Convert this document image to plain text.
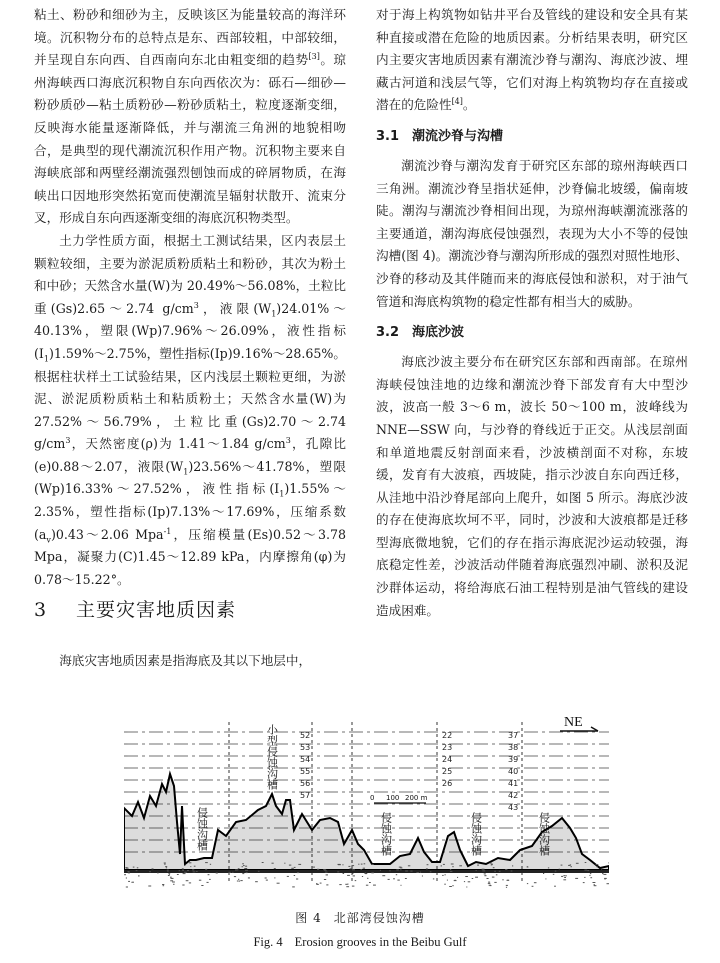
粘土、粉砂和细砂为主，反映该区为能量较高的海洋环境。沉积物分布的总特点是东、西部较粗，中部较细，并呈现自东向西、自西南向东北由粗变细的趋势[3]。琼州海峡西口海底沉积物自东向西依次为：砾石—细砂—粉砂质砂—粘土质粉砂—粉砂质粘土，粒度逐渐变细，反映海水能量逐渐降低，并与潮流三角洲的地貌相吻合，是典型的现代潮流沉积作用产物。沉积物主要来自海峡底部和两壁经潮流强烈刨蚀而成的碎屑物质，在海峡出口因地形突然拓宽而使潮流呈辐射状散开、流束分叉，形成自东向西逐渐变细的海底沉积物类型。

土力学性质方面，根据土工测试结果，区内表层土颗粒较细，主要为淤泥质粉质粘土和粉砂，其次为粉土和中砂；天然含水量(W)为 20.49%～56.08%，土粒比重(Gs)2.65～2.74 $g/cm^3$，液限$(W_1)24.01\%\sim 40.13\%$，塑限(Wp)7.96%～26.09%，液性指标$(I_1)1.59\%\sim 2.75\%$，塑性指标(Ip)9.16%～28.65%。根据柱状样土工试验结果，区内浅层土颗粒更细，为淤泥、淤泥质粉质粘土和粘质粉土；天然含水量(W)为 27.52%～56.79%，土粒比重(Gs)2.70～2.74 $g/cm^3$，天然密度(ρ)为 1.41～1.84 $g/cm^3$，孔隙比(e)0.88～2.07，液限$(W_1)23.56\%\sim 41.78\%$，塑限(Wp)16.33%～27.52%，液性指标$(I_1)1.55\%\sim 2.35\%$，塑性指标(Ip)7.13%～17.69%，压缩系数$(a_v)0.43\sim 2.06$ Mpa$^{-1}$，压缩模量(Es)0.52～3.78 Mpa，凝聚力(C)1.45～12.89 kPa，内摩擦角(φ)为 0.78～15.22°。

3 主要灾害地质因素

海底灾害地质因素是指海底及其以下地层中，

对于海上构筑物如钻井平台及管线的建设和安全具有某种直接或潜在危险的地质因素。分析结果表明，研究区内主要灾害地质因素有潮流沙脊与潮沟、海底沙波、埋藏古河道和浅层气等，它们对海上构筑物均存在直接或潜在的危险性[4]。

3.1 潮流沙脊与沟槽

潮流沙脊与潮沟发育于研究区东部的琼州海峡西口三角洲。潮流沙脊呈指状延伸，沙脊偏北坡缓，偏南坡陡。潮沟与潮流沙脊相间出现，为琼州海峡潮流涨落的主要通道，潮沟海底侵蚀强烈，表现为大小不等的侵蚀沟槽(图 4)。潮流沙脊与潮沟所形成的强烈对照性地形、沙脊的移动及其伴随而来的海底侵蚀和淤积，对于油气管道和海底构筑物的稳定性都有相当大的威胁。

3.2 海底沙波

海底沙波主要分布在研究区东部和西南部。在琼州海峡侵蚀洼地的边缘和潮流沙脊下部发育有大中型沙波，波高一般 3～6 m，波长 50～100 m，波峰线为 NNE—SSW 向，与沙脊的脊线近于正交。从浅层剖面和单道地震反射剖面来看，沙波横剖面不对称，东坡缓，发育有大波痕，西坡陡，指示沙波自东向西迁移，从洼地中沿沙脊尾部向上爬升，如图 5 所示。海底沙波的存在使海底坎坷不平，同时，沙波和大波痕都是迁移型海底微地貌，它们的存在指示海底泥沙运动较强，海底稳定性差，沙波活动伴随着海底强烈冲刷、淤积及泥沙群体运动，将给海底石油工程特别是油气管线的建设造成困难。

52
53
54
55
56
57
22
23
24
25
26
37
38
39
40
41
42
43
NE
0 100 200 m
侵蚀沟槽
小型侵蚀沟槽
侵蚀沟槽	侵蚀沟槽	侵蚀沟槽
图 4 北部湾侵蚀沟槽
Fig. 4 Erosion grooves in the Beibu Gulf
